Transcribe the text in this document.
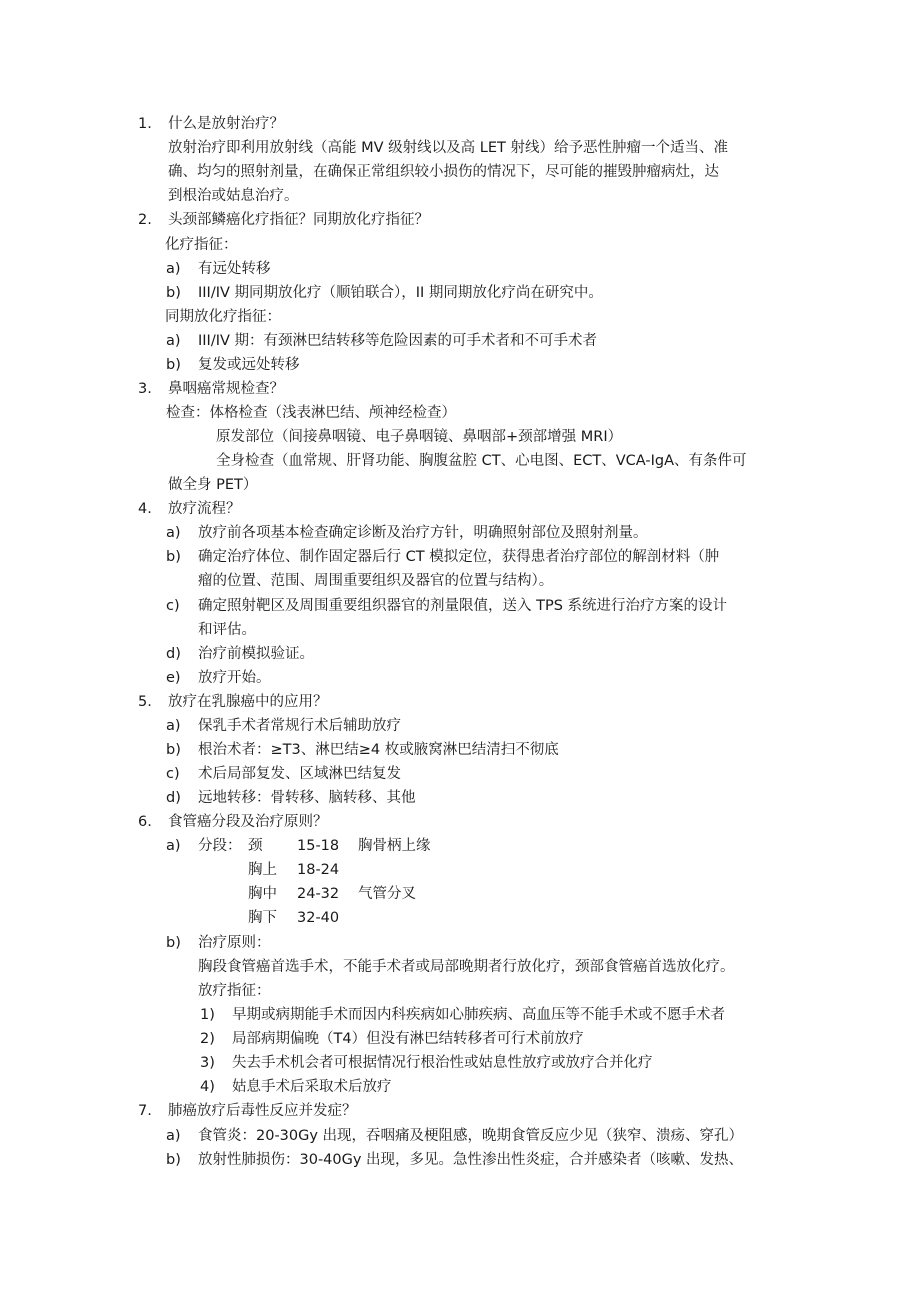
1. 什么是放射治疗？
放射治疗即利用放射线（高能 MV 级射线以及高 LET 射线）给予恶性肿瘤一个适当、准
确、均匀的照射剂量，在确保正常组织较小损伤的情况下，尽可能的摧毁肿瘤病灶，达
到根治或姑息治疗。
2. 头颈部鳞癌化疗指征？同期放化疗指征？
化疗指征：
a) 有远处转移
b) III/IV 期同期放化疗（顺铂联合），II 期同期放化疗尚在研究中。
同期放化疗指征：
a) III/IV 期：有颈淋巴结转移等危险因素的可手术者和不可手术者
b) 复发或远处转移
3. 鼻咽癌常规检查？
检查：体格检查（浅表淋巴结、颅神经检查）
原发部位（间接鼻咽镜、电子鼻咽镜、鼻咽部+颈部增强 MRI）
全身检查（血常规、肝肾功能、胸腹盆腔 CT、心电图、ECT、VCA-IgA、有条件可
做全身 PET）
4. 放疗流程？
a) 放疗前各项基本检查确定诊断及治疗方针，明确照射部位及照射剂量。
b) 确定治疗体位、制作固定器后行 CT 模拟定位，获得患者治疗部位的解剖材料（肿
瘤的位置、范围、周围重要组织及器官的位置与结构）。
c) 确定照射靶区及周围重要组织器官的剂量限值，送入 TPS 系统进行治疗方案的设计
和评估。
d) 治疗前模拟验证。
e) 放疗开始。
5. 放疗在乳腺癌中的应用？
a) 保乳手术者常规行术后辅助放疗
b) 根治术者：≥T3、淋巴结≥4 枚或腋窝淋巴结清扫不彻底
c) 术后局部复发、区域淋巴结复发
d) 远地转移：骨转移、脑转移、其他
6. 食管癌分段及治疗原则？
a) 分段： 颈 15-18 胸骨柄上缘
胸上 18-24
胸中 24-32 气管分叉
胸下 32-40
b) 治疗原则：
胸段食管癌首选手术，不能手术者或局部晚期者行放化疗，颈部食管癌首选放化疗。
放疗指征：
1) 早期或病期能手术而因内科疾病如心肺疾病、高血压等不能手术或不愿手术者
2) 局部病期偏晚（T4）但没有淋巴结转移者可行术前放疗
3) 失去手术机会者可根据情况行根治性或姑息性放疗或放疗合并化疗
4) 姑息手术后采取术后放疗
7. 肺癌放疗后毒性反应并发症？
a) 食管炎：20-30Gy 出现，吞咽痛及梗阻感，晚期食管反应少见（狭窄、溃疡、穿孔）
b) 放射性肺损伤：30-40Gy 出现，多见。急性渗出性炎症，合并感染者（咳嗽、发热、
